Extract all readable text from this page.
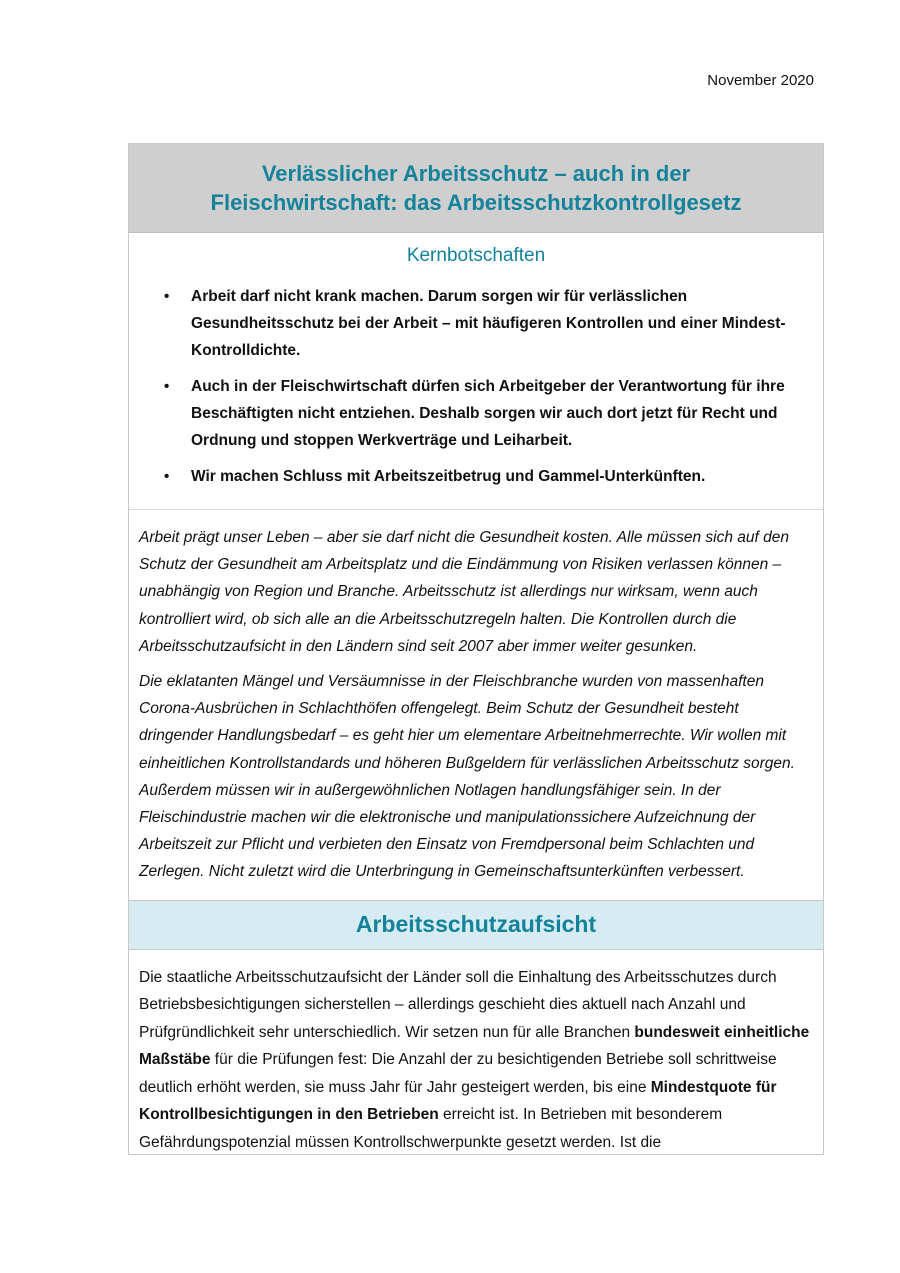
November 2020
Verlässlicher Arbeitsschutz – auch in der
Fleischwirtschaft: das Arbeitsschutzkontrollgesetz
Kernbotschaften
• Arbeit darf nicht krank machen. Darum sorgen wir für verlässlichen Gesundheitsschutz bei der Arbeit – mit häufigeren Kontrollen und einer Mindest-Kontrolldichte.
• Auch in der Fleischwirtschaft dürfen sich Arbeitgeber der Verantwortung für ihre Beschäftigten nicht entziehen. Deshalb sorgen wir auch dort jetzt für Recht und Ordnung und stoppen Werkverträge und Leiharbeit.
• Wir machen Schluss mit Arbeitszeitbetrug und Gammel-Unterkünften.

Arbeit prägt unser Leben – aber sie darf nicht die Gesundheit kosten. Alle müssen sich auf den Schutz der Gesundheit am Arbeitsplatz und die Eindämmung von Risiken verlassen können – unabhängig von Region und Branche. Arbeitsschutz ist allerdings nur wirksam, wenn auch kontrolliert wird, ob sich alle an die Arbeitsschutzregeln halten. Die Kontrollen durch die Arbeitsschutzaufsicht in den Ländern sind seit 2007 aber immer weiter gesunken.

Die eklatanten Mängel und Versäumnisse in der Fleischbranche wurden von massenhaften Corona-Ausbrüchen in Schlachthöfen offengelegt. Beim Schutz der Gesundheit besteht dringender Handlungsbedarf – es geht hier um elementare Arbeitnehmerrechte. Wir wollen mit einheitlichen Kontrollstandards und höheren Bußgeldern für verlässlichen Arbeitsschutz sorgen. Außerdem müssen wir in außergewöhnlichen Notlagen handlungsfähiger sein. In der Fleischindustrie machen wir die elektronische und manipulationssichere Aufzeichnung der Arbeitszeit zur Pflicht und verbieten den Einsatz von Fremdpersonal beim Schlachten und Zerlegen. Nicht zuletzt wird die Unterbringung in Gemeinschaftsunterkünften verbessert.

Arbeitsschutzaufsicht

Die staatliche Arbeitsschutzaufsicht der Länder soll die Einhaltung des Arbeitsschutzes durch Betriebsbesichtigungen sicherstellen – allerdings geschieht dies aktuell nach Anzahl und Prüfgründlichkeit sehr unterschiedlich. Wir setzen nun für alle Branchen bundesweit einheitliche Maßstäbe für die Prüfungen fest: Die Anzahl der zu besichtigenden Betriebe soll schrittweise deutlich erhöht werden, sie muss Jahr für Jahr gesteigert werden, bis eine Mindestquote für Kontrollbesichtigungen in den Betrieben erreicht ist. In Betrieben mit besonderem Gefährdungspotenzial müssen Kontrollschwerpunkte gesetzt werden. Ist die
